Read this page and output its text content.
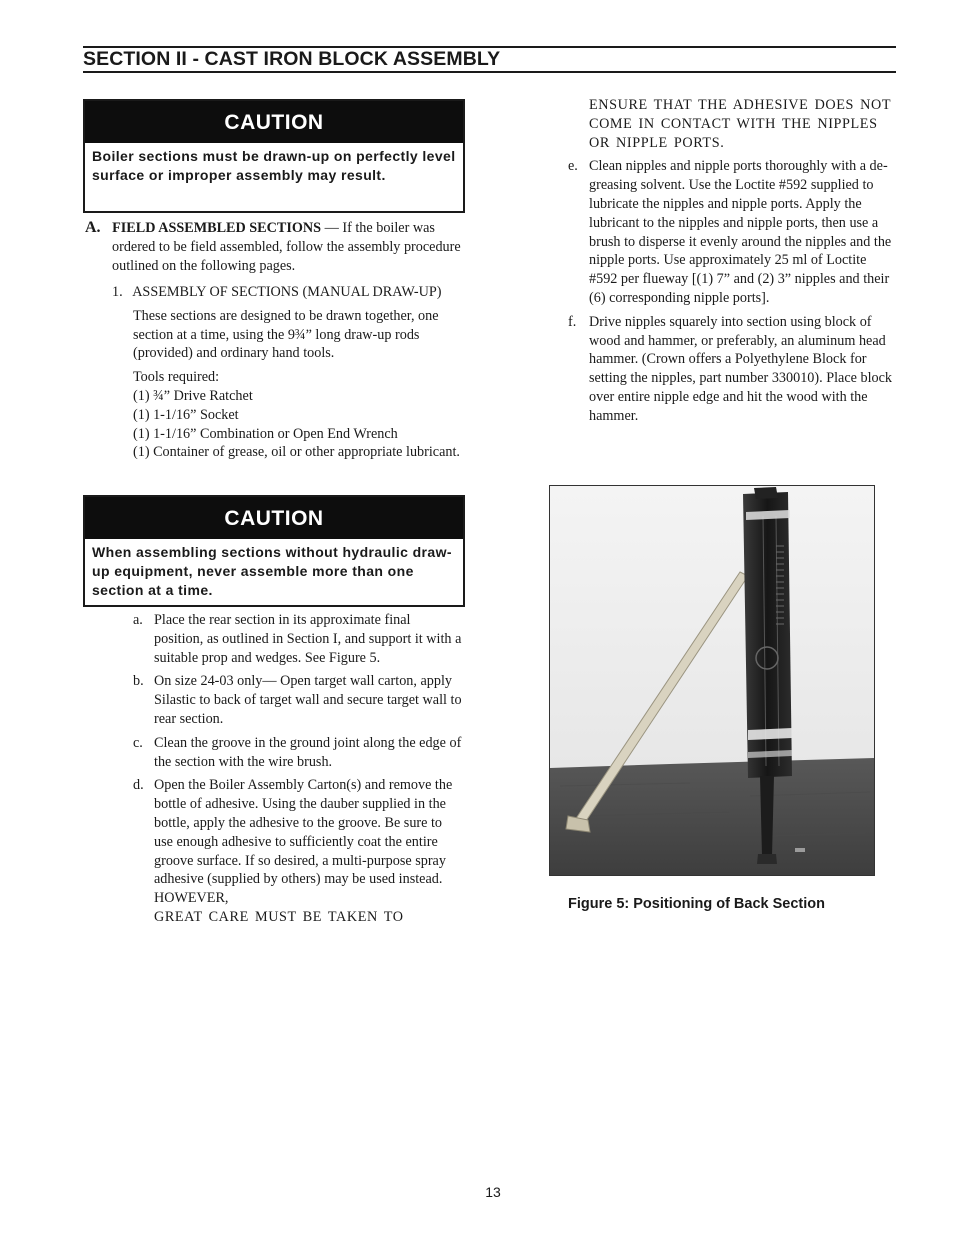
SECTION II - CAST IRON BLOCK ASSEMBLY
CAUTION
Boiler sections must be drawn-up on perfectly level surface or improper assembly may result.
A. FIELD ASSEMBLED SECTIONS — If the boiler was ordered to be field assembled, follow the assembly procedure outlined on the following pages.
1. ASSEMBLY OF SECTIONS (MANUAL DRAW-UP)
These sections are designed to be drawn together, one section at a time, using the 9¾” long draw-up rods (provided) and ordinary hand tools.
Tools required:
(1) ¾” Drive Ratchet
(1) 1-1/16” Socket
(1) 1-1/16” Combination or Open End Wrench
(1) Container of grease, oil or other appropriate lubricant.
CAUTION
When assembling sections without hydraulic draw-up equipment, never assemble more than one section at a time.
a. Place the rear section in its approximate final position, as outlined in Section I, and support it with a suitable prop and wedges. See Figure 5.
b. On size 24-03 only— Open target wall carton, apply Silastic to back of target wall and secure target wall to rear section.
c. Clean the groove in the ground joint along the edge of the section with the wire brush.
d. Open the Boiler Assembly Carton(s) and remove the bottle of adhesive. Using the dauber supplied in the bottle, apply the adhesive to the groove. Be sure to use enough adhesive to sufficiently coat the entire groove surface. If so desired, a multi-purpose spray adhesive (supplied by others) may be used instead. HOWEVER,
GREAT CARE MUST BE TAKEN TO
ENSURE THAT THE ADHESIVE DOES NOT COME IN CONTACT WITH THE NIPPLES OR NIPPLE PORTS.
e. Clean nipples and nipple ports thoroughly with a de-greasing solvent. Use the Loctite #592 supplied to lubricate the nipples and nipple ports. Apply the lubricant to the nipples and nipple ports, then use a brush to disperse it evenly around the nipples and the nipple ports. Use approximately 25 ml of Loctite #592 per flueway [(1) 7” and (2) 3” nipples and their (6) corresponding nipple ports].
f. Drive nipples squarely into section using block of wood and hammer, or preferably, an aluminum head hammer. (Crown offers a Polyethylene Block for setting the nipples, part number 330010). Place block over entire nipple edge and hit the wood with the hammer.
Figure 5: Positioning of Back Section
13
